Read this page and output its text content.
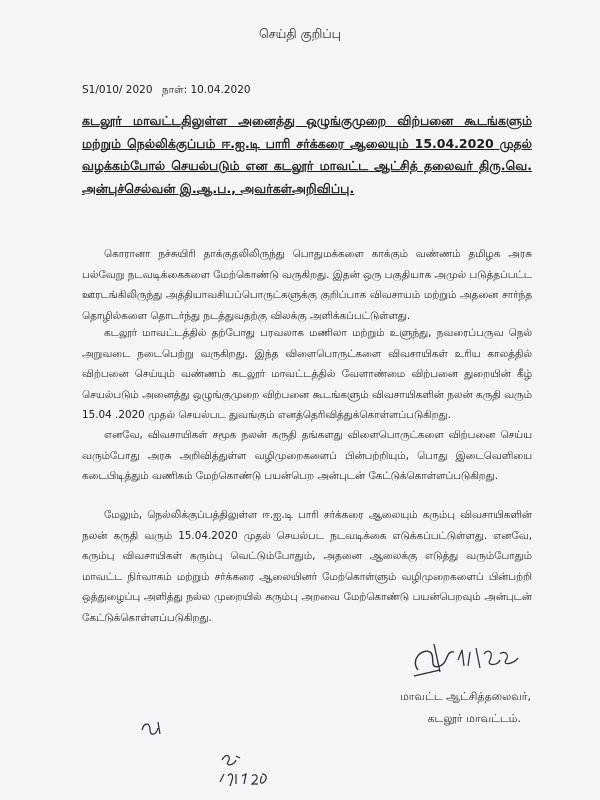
செய்தி குறிப்பு
S1/010/ 2020 நாள்: 10.04.2020
கடலூர் மாவட்டதிலுள்ள அனைத்து ஒழுங்குமுறை விற்பனை கூடங்களும் மற்றும் நெல்லிக்குப்பம் ஈ.ஐ.டி பாரி சர்க்கரை ஆலையும் 15.04.2020 முதல் வழக்கம்போல் செயல்படும் என கடலூர் மாவட்ட ஆட்சித் தலைவர் திரு.வெ. அன்புச்செல்வன் இ.ஆ.ப., அவர்கள்அறிவிப்பு.

கொரானா நச்சுயிரி தாக்குதலிலிருந்து பொதுமக்களை காக்கும் வண்ணம் தமிழக அரசு பல்வேறு நடவடிக்கைகளை மேற்கொண்டு வருகிறது. இதன் ஒரு பகுதியாக அமுல் படுத்தப்பட்ட ஊரடங்கிலிருந்து அத்தியாவசியப்பொருட்களுக்கு குறிப்பாக விவசாயம் மற்றும் அதனை சார்ந்த தொழில்களை தொடர்ந்து நடத்துவதற்கு விலக்கு அளிக்கப்பட்டுள்ளது.

கடலூர் மாவட்டத்தில் தற்போது பரவலாக மணிலா மற்றும் உளுந்து, நவரைப்பருவ நெல் அறுவடை நடைபெற்று வருகிறது. இந்த விளைபொருட்களை விவசாயிகள் உரிய காலத்தில் விற்பனை செய்யும் வண்ணம் கடலூர் மாவட்டத்தில் வேளாண்மை விற்பனை துறையின் கீழ் செயல்படும் அனைத்து ஒழுங்குமுறை விற்பனை கூடங்களும் விவசாயிகளின் நலன் கருதி வரும் 15.04 .2020 முதல் செயல்பட துவங்கும் எனத்தெரிவித்துக்கொள்ளப்படுகிறது.

எனவே, விவசாயிகள் சமூக நலன் கருதி தங்களது விளைபொருட்களை விற்பனை செய்ய வரும்போது அரசு அறிவித்துள்ள வழிமுறைகளைப் பின்பற்றியும், பொது இடைவெளியை கடைபிடித்தும் வணிகம் மேற்கொண்டு பயன்பெற அன்புடன் கேட்டுக்கொள்ளப்படுகிறது.

மேலும், நெல்லிக்குப்பத்திலுள்ள ஈ.ஐ.டி பாரி சர்க்கரை ஆலையும் கரும்பு விவசாயிகளின் நலன் கருதி வரும் 15.04.2020 முதல் செயல்பட நடவடிக்கை எடுக்கப்பட்டுள்ளது. எனவே, கரும்பு விவசாயிகள் கரும்பு வெட்டும்போதும், அதனை ஆலைக்கு எடுத்து வரும்போதும் மாவட்ட நிர்வாகம் மற்றும் சர்க்கரை ஆலையினர் மேற்கொள்ளும் வழிமுறைகளைப் பின்பற்றி ஒத்துழைப்பு அளித்து நல்ல முறையில் கரும்பு அறவை மேற்கொண்டு பயன்பெறவும் அன்புடன் கேட்டுக்கொள்ளப்படுகிறது.

மாவட்ட ஆட்சித்தலைவர்,
கடலூர் மாவட்டம்.
